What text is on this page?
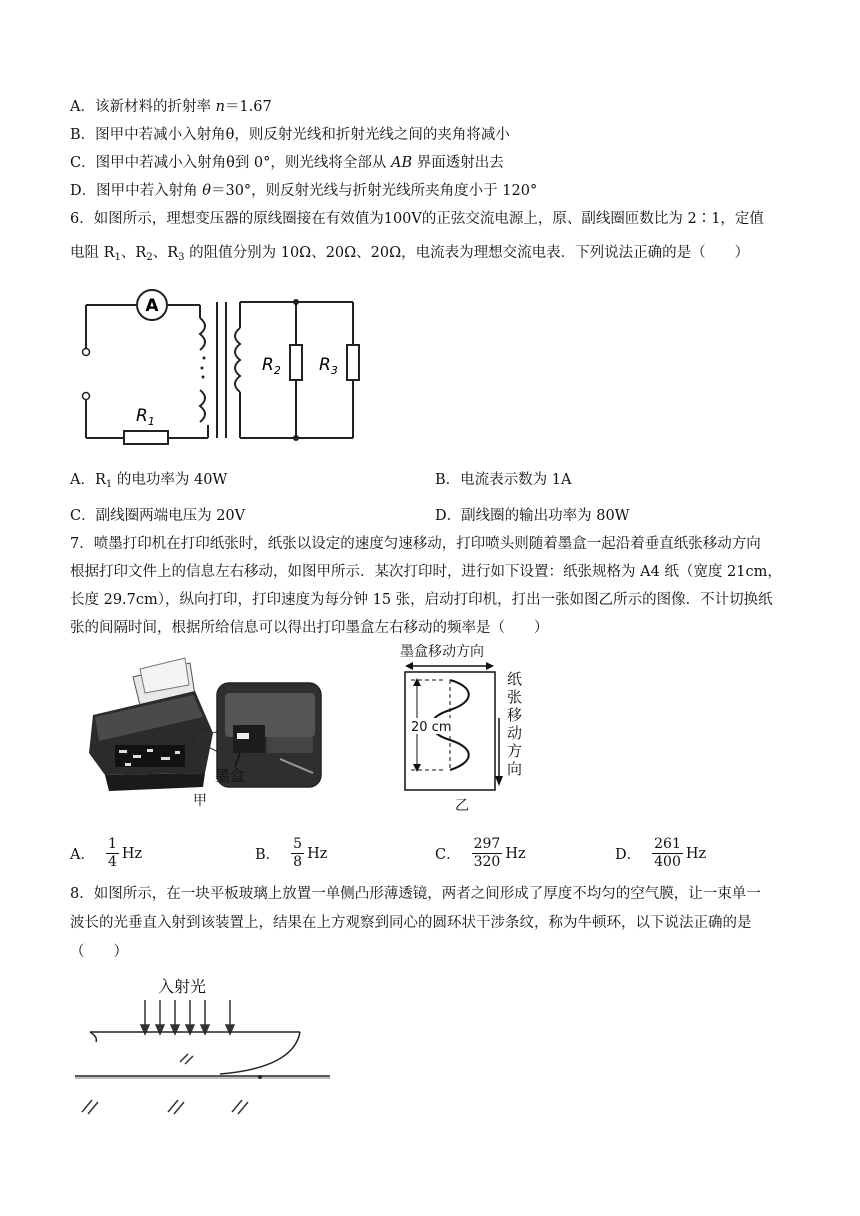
A．该新材料的折射率 n＝1.67
B．图甲中若减小入射角θ，则反射光线和折射光线之间的夹角将减小
C．图甲中若减小入射角θ到 0°，则光线将全部从 AB 界面透射出去
D．图甲中若入射角 θ＝30°，则反射光线与折射光线所夹角度小于 120°
6．如图所示，理想变压器的原线圈接在有效值为100V的正弦交流电源上，原、副线圈匝数比为 2∶1，定值
电阻 $R_1$、$R_2$、$R_3$ 的阻值分别为 10Ω、20Ω、20Ω，电流表为理想交流电表．下列说法正确的是（　　）
A
$R_1$
$R_2$ $R_3$
A．$R_1$ 的电功率为 40W	B．电流表示数为 1A
C．副线圈两端电压为 20V	D．副线圈的输出功率为 80W
7．喷墨打印机在打印纸张时，纸张以设定的速度匀速移动，打印喷头则随着墨盒一起沿着垂直纸张移动方向
根据打印文件上的信息左右移动，如图甲所示．某次打印时，进行如下设置：纸张规格为 A4 纸（宽度 21cm，
长度 29.7cm），纵向打印，打印速度为每分钟 15 张，启动打印机，打出一张如图乙所示的图像．不计切换纸
张的间隔时间，根据所给信息可以得出打印墨盒左右移动的频率是（　　）
墨盒
甲
墨盒移动方向
20 cm
纸
张
移
动
方
向
乙
A． $\frac{1}{4}$ Hz	B． $\frac{5}{8}$ Hz	C． $\frac{297}{320}$ Hz	D． $\frac{261}{400}$ Hz
8．如图所示，在一块平板玻璃上放置一单侧凸形薄透镜，两者之间形成了厚度不均匀的空气膜，让一束单一
波长的光垂直入射到该装置上，结果在上方观察到同心的圆环状干涉条纹，称为牛顿环，以下说法正确的是
（　　）
入射光
